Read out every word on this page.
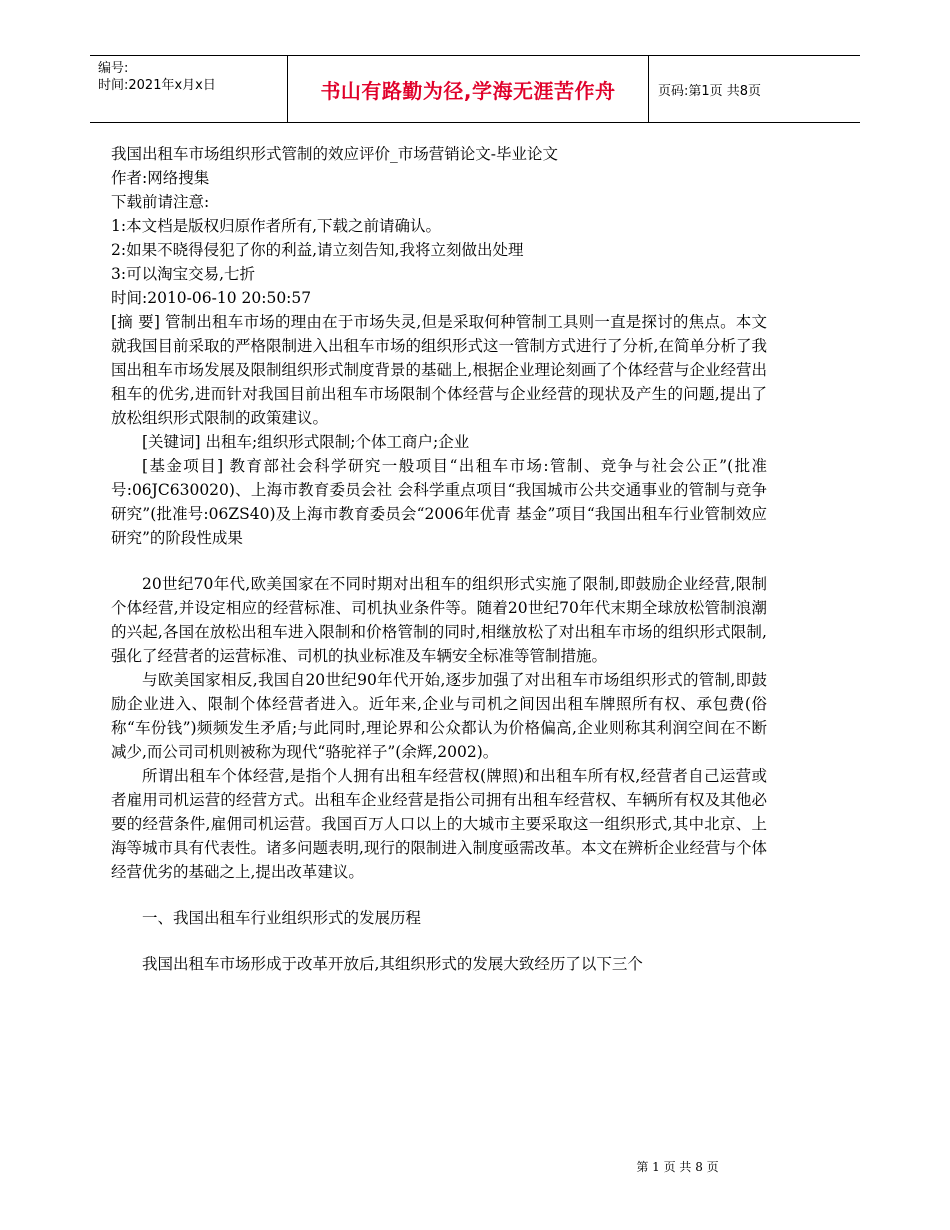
编号:
时间:2021年x月x日	书山有路勤为径,学海无涯苦作舟	页码:第1页 共8页

我国出租车市场组织形式管制的效应评价_市场营销论文-毕业论文

作者:网络搜集

下载前请注意:

1:本文档是版权归原作者所有,下载之前请确认。

2:如果不晓得侵犯了你的利益,请立刻告知,我将立刻做出处理

3:可以淘宝交易,七折

时间:2010-06-10 20:50:57

[摘 要] 管制出租车市场的理由在于市场失灵,但是采取何种管制工具则一直是探讨的焦点。本文就我国目前采取的严格限制进入出租车市场的组织形式这一管制方式进行了分析,在简单分析了我国出租车市场发展及限制组织形式制度背景的基础上,根据企业理论刻画了个体经营与企业经营出租车的优劣,进而针对我国目前出租车市场限制个体经营与企业经营的现状及产生的问题,提出了放松组织形式限制的政策建议。

[关键词] 出租车;组织形式限制;个体工商户;企业

[基金项目] 教育部社会科学研究一般项目“出租车市场:管制、竞争与社会公正”(批准号:06JC630020)、上海市教育委员会社 会科学重点项目“我国城市公共交通事业的管制与竞争研究”(批准号:06ZS40)及上海市教育委员会“2006年优青 基金”项目“我国出租车行业管制效应研究”的阶段性成果

20世纪70年代,欧美国家在不同时期对出租车的组织形式实施了限制,即鼓励企业经营,限制个体经营,并设定相应的经营标准、司机执业条件等。随着20世纪70年代末期全球放松管制浪潮的兴起,各国在放松出租车进入限制和价格管制的同时,相继放松了对出租车市场的组织形式限制,强化了经营者的运营标准、司机的执业标准及车辆安全标准等管制措施。

与欧美国家相反,我国自20世纪90年代开始,逐步加强了对出租车市场组织形式的管制,即鼓励企业进入、限制个体经营者进入。近年来,企业与司机之间因出租车牌照所有权、承包费(俗称“车份钱”)频频发生矛盾;与此同时,理论界和公众都认为价格偏高,企业则称其利润空间在不断减少,而公司司机则被称为现代“骆驼祥子”(余辉,2002)。

所谓出租车个体经营,是指个人拥有出租车经营权(牌照)和出租车所有权,经营者自己运营或者雇用司机运营的经营方式。出租车企业经营是指公司拥有出租车经营权、车辆所有权及其他必要的经营条件,雇佣司机运营。我国百万人口以上的大城市主要采取这一组织形式,其中北京、上海等城市具有代表性。诸多问题表明,现行的限制进入制度亟需改革。本文在辨析企业经营与个体经营优劣的基础之上,提出改革建议。

一、我国出租车行业组织形式的发展历程

我国出租车市场形成于改革开放后,其组织形式的发展大致经历了以下三个

第 1 页 共 8 页
